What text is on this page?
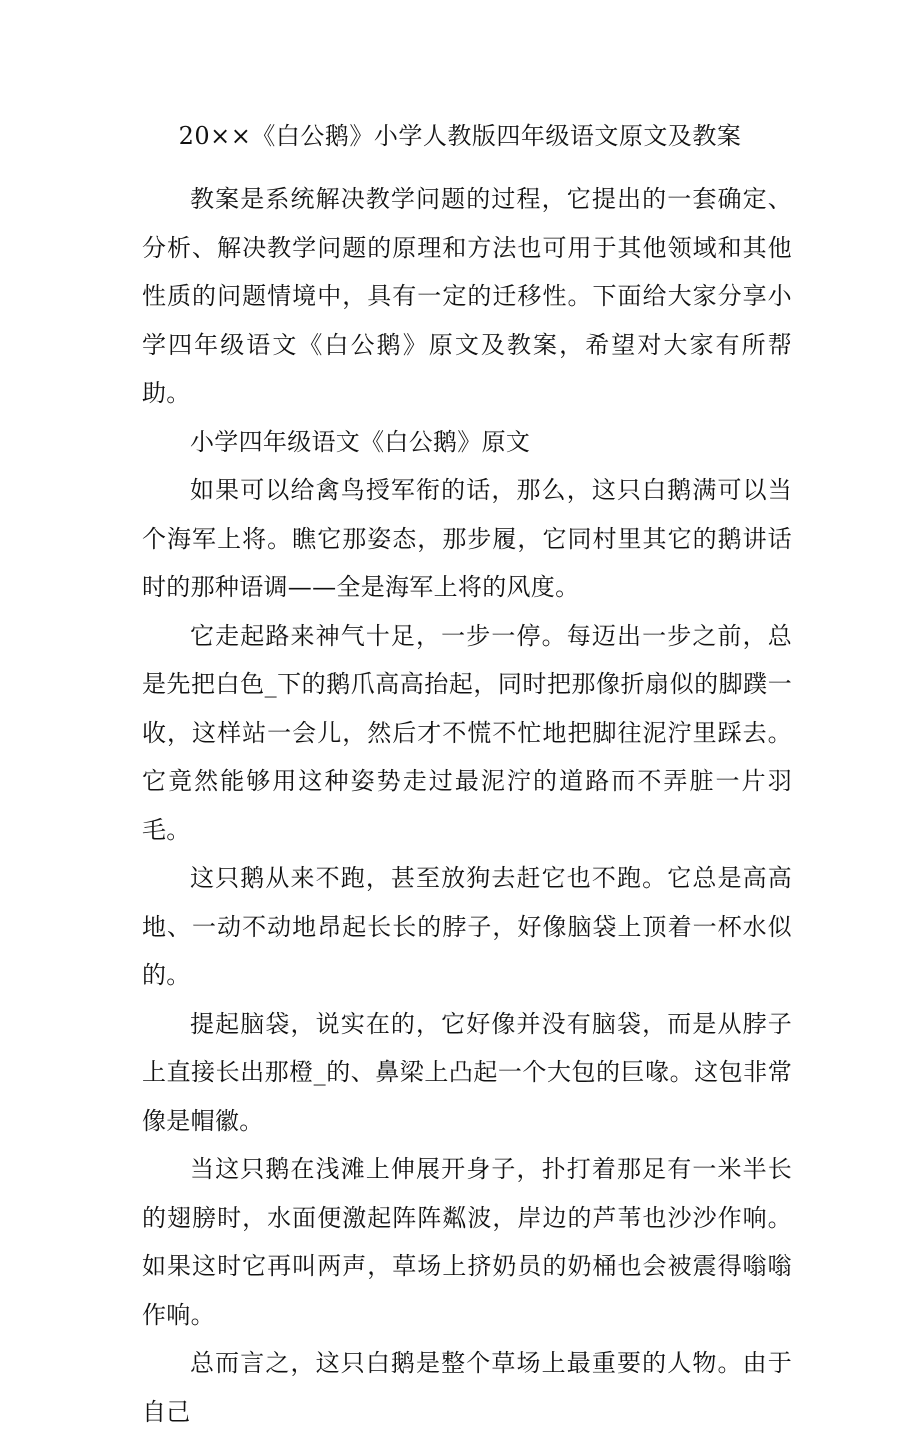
20××《白公鹅》小学人教版四年级语文原文及教案

教案是系统解决教学问题的过程，它提出的一套确定、分析、解决教学问题的原理和方法也可用于其他领域和其他性质的问题情境中，具有一定的迁移性。下面给大家分享小学四年级语文《白公鹅》原文及教案，希望对大家有所帮助。

小学四年级语文《白公鹅》原文

如果可以给禽鸟授军衔的话，那么，这只白鹅满可以当个海军上将。瞧它那姿态，那步履，它同村里其它的鹅讲话时的那种语调——全是海军上将的风度。

它走起路来神气十足，一步一停。每迈出一步之前，总是先把白色_下的鹅爪高高抬起，同时把那像折扇似的脚蹼一收，这样站一会儿，然后才不慌不忙地把脚往泥泞里踩去。它竟然能够用这种姿势走过最泥泞的道路而不弄脏一片羽毛。

这只鹅从来不跑，甚至放狗去赶它也不跑。它总是高高地、一动不动地昂起长长的脖子，好像脑袋上顶着一杯水似的。

提起脑袋，说实在的，它好像并没有脑袋，而是从脖子上直接长出那橙_的、鼻梁上凸起一个大包的巨喙。这包非常像是帽徽。

当这只鹅在浅滩上伸展开身子，扑打着那足有一米半长的翅膀时，水面便激起阵阵粼波，岸边的芦苇也沙沙作响。如果这时它再叫两声，草场上挤奶员的奶桶也会被震得嗡嗡作响。

总而言之，这只白鹅是整个草场上最重要的人物。由于自己
